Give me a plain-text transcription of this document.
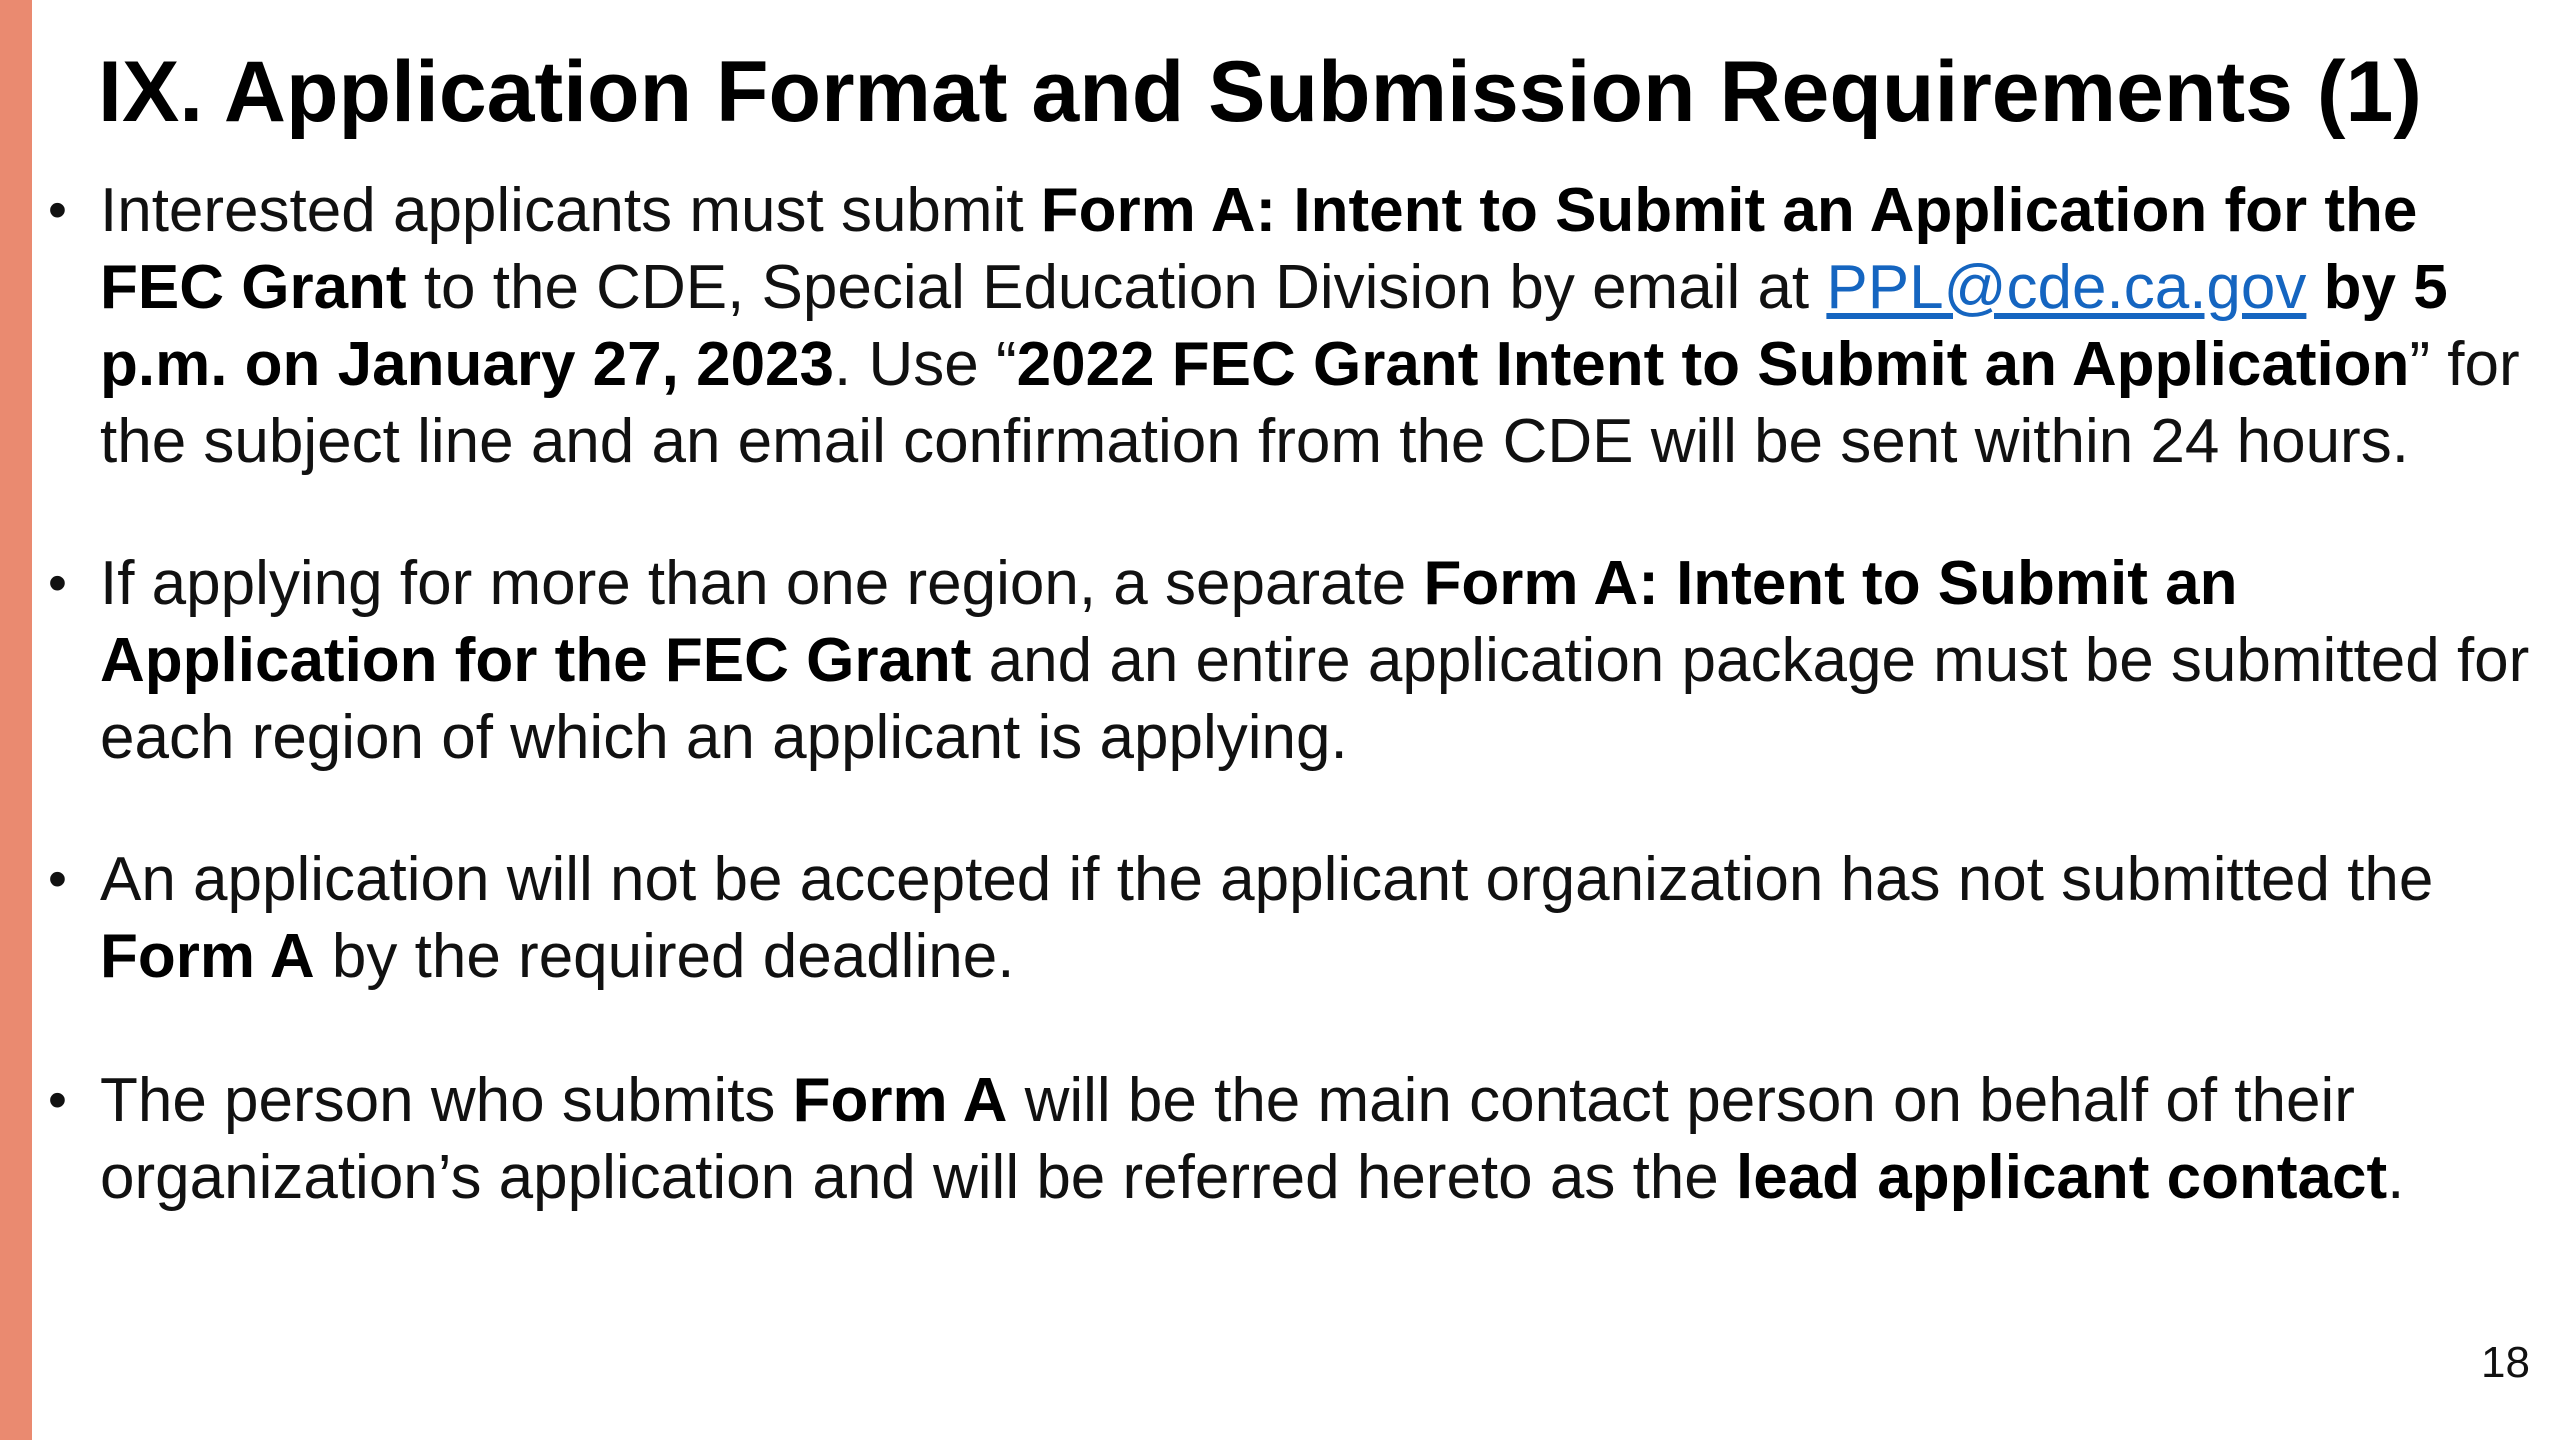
IX. Application Format and Submission Requirements (1)
• Interested applicants must submit Form A: Intent to Submit an Application for the FEC Grant to the CDE, Special Education Division by email at PPL@cde.ca.gov by 5 p.m. on January 27, 2023. Use “2022 FEC Grant Intent to Submit an Application” for the subject line and an email confirmation from the CDE will be sent within 24 hours.
• If applying for more than one region, a separate Form A: Intent to Submit an Application for the FEC Grant and an entire application package must be submitted for each region of which an applicant is applying.
• An application will not be accepted if the applicant organization has not submitted the Form A by the required deadline.
• The person who submits Form A will be the main contact person on behalf of their organization’s application and will be referred hereto as the lead applicant contact.
18
